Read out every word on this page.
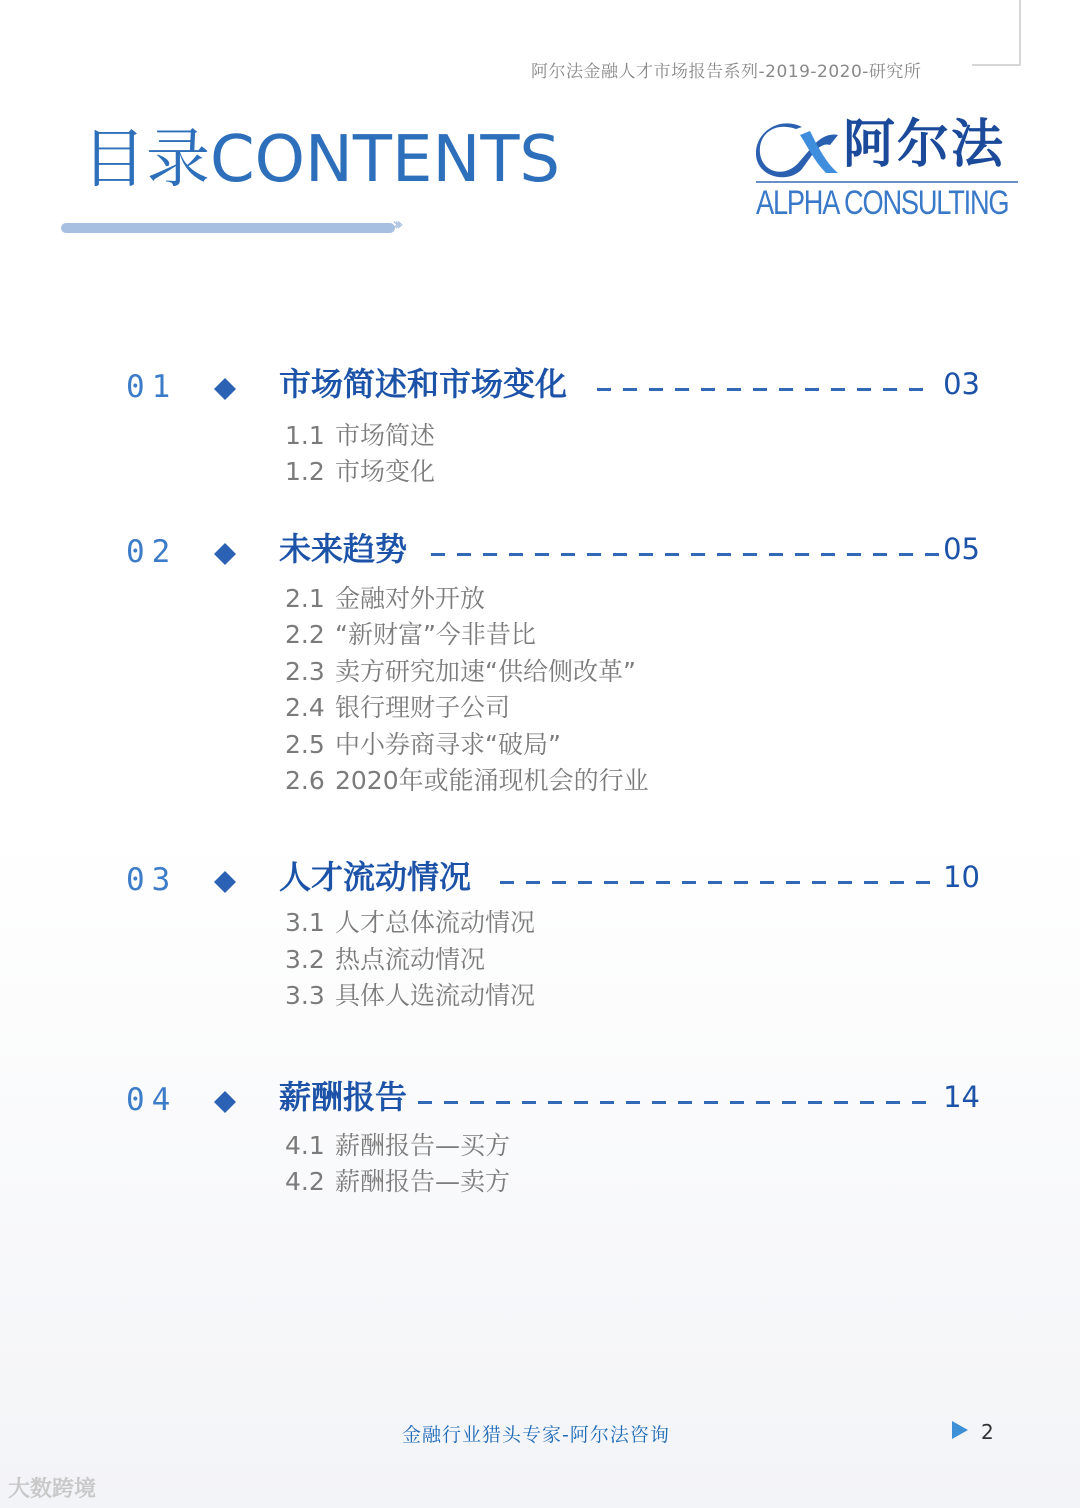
阿尔法金融人才市场报告系列-2019-2020-研究所
目录CONTENTS
›››
阿尔法
ALPHA CONSULTING
01	市场简述和市场变化	03
1.1 市场简述
1.2 市场变化
02	未来趋势	05
2.1 金融对外开放
2.2 “新财富”今非昔比
2.3 卖方研究加速“供给侧改革”
2.4 银行理财子公司
2.5 中小券商寻求“破局”
2.6 2020年或能涌现机会的行业
03	人才流动情况	10
3.1 人才总体流动情况
3.2 热点流动情况
3.3 具体人选流动情况
04	薪酬报告	14
4.1 薪酬报告—买方
4.2 薪酬报告—卖方
金融行业猎头专家-阿尔法咨询	2
大数跨境
